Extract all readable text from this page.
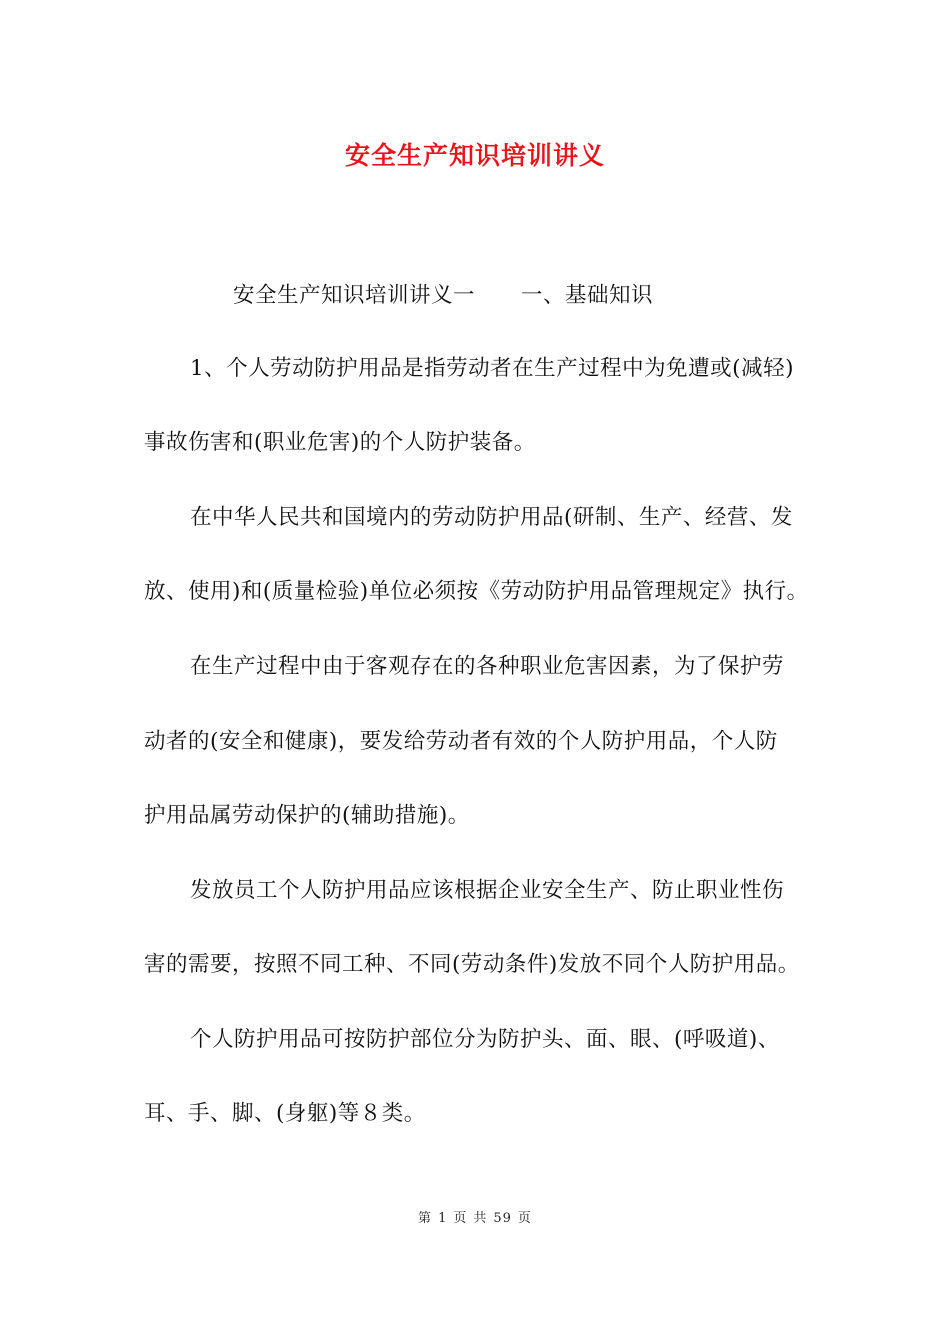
安全生产知识培训讲义
安全生产知识培训讲义一 一、基础知识
1、个人劳动防护用品是指劳动者在生产过程中为免遭或(减轻)
事故伤害和(职业危害)的个人防护装备。
在中华人民共和国境内的劳动防护用品(研制、生产、经营、发
放、使用)和(质量检验)单位必须按《劳动防护用品管理规定》执行。
在生产过程中由于客观存在的各种职业危害因素，为了保护劳
动者的(安全和健康)，要发给劳动者有效的个人防护用品，个人防
护用品属劳动保护的(辅助措施)。
发放员工个人防护用品应该根据企业安全生产、防止职业性伤
害的需要，按照不同工种、不同(劳动条件)发放不同个人防护用品。
个人防护用品可按防护部位分为防护头、面、眼、(呼吸道)、
耳、手、脚、(身躯)等８类。
第 1 页 共 59 页
